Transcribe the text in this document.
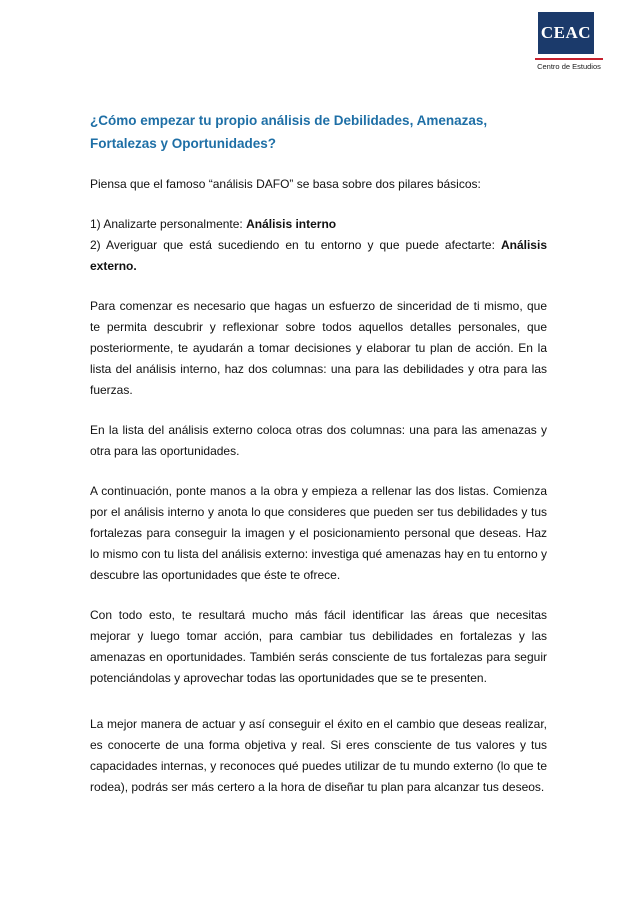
CEAC
Centro de Estudios
¿Cómo empezar tu propio análisis de Debilidades, Amenazas, Fortalezas y Oportunidades?

Piensa que el famoso “análisis DAFO” se basa sobre dos pilares básicos:

1) Analizarte personalmente: Análisis interno

2) Averiguar que está sucediendo en tu entorno y que puede afectarte: Análisis externo.

Para comenzar es necesario que hagas un esfuerzo de sinceridad de ti mismo, que te permita descubrir y reflexionar sobre todos aquellos detalles personales, que posteriormente, te ayudarán a tomar decisiones y elaborar tu plan de acción. En la lista del análisis interno, haz dos columnas: una para las debilidades y otra para las fuerzas.

En la lista del análisis externo coloca otras dos columnas: una para las amenazas y otra para las oportunidades.

A continuación, ponte manos a la obra y empieza a rellenar las dos listas. Comienza por el análisis interno y anota lo que consideres que pueden ser tus debilidades y tus fortalezas para conseguir la imagen y el posicionamiento personal que deseas. Haz lo mismo con tu lista del análisis externo: investiga qué amenazas hay en tu entorno y descubre las oportunidades que éste te ofrece.

Con todo esto, te resultará mucho más fácil identificar las áreas que necesitas mejorar y luego tomar acción, para cambiar tus debilidades en fortalezas y las amenazas en oportunidades. También serás consciente de tus fortalezas para seguir potenciándolas y aprovechar todas las oportunidades que se te presenten.

La mejor manera de actuar y así conseguir el éxito en el cambio que deseas realizar, es conocerte de una forma objetiva y real. Si eres consciente de tus valores y tus capacidades internas, y reconoces qué puedes utilizar de tu mundo externo (lo que te rodea), podrás ser más certero a la hora de diseñar tu plan para alcanzar tus deseos.
